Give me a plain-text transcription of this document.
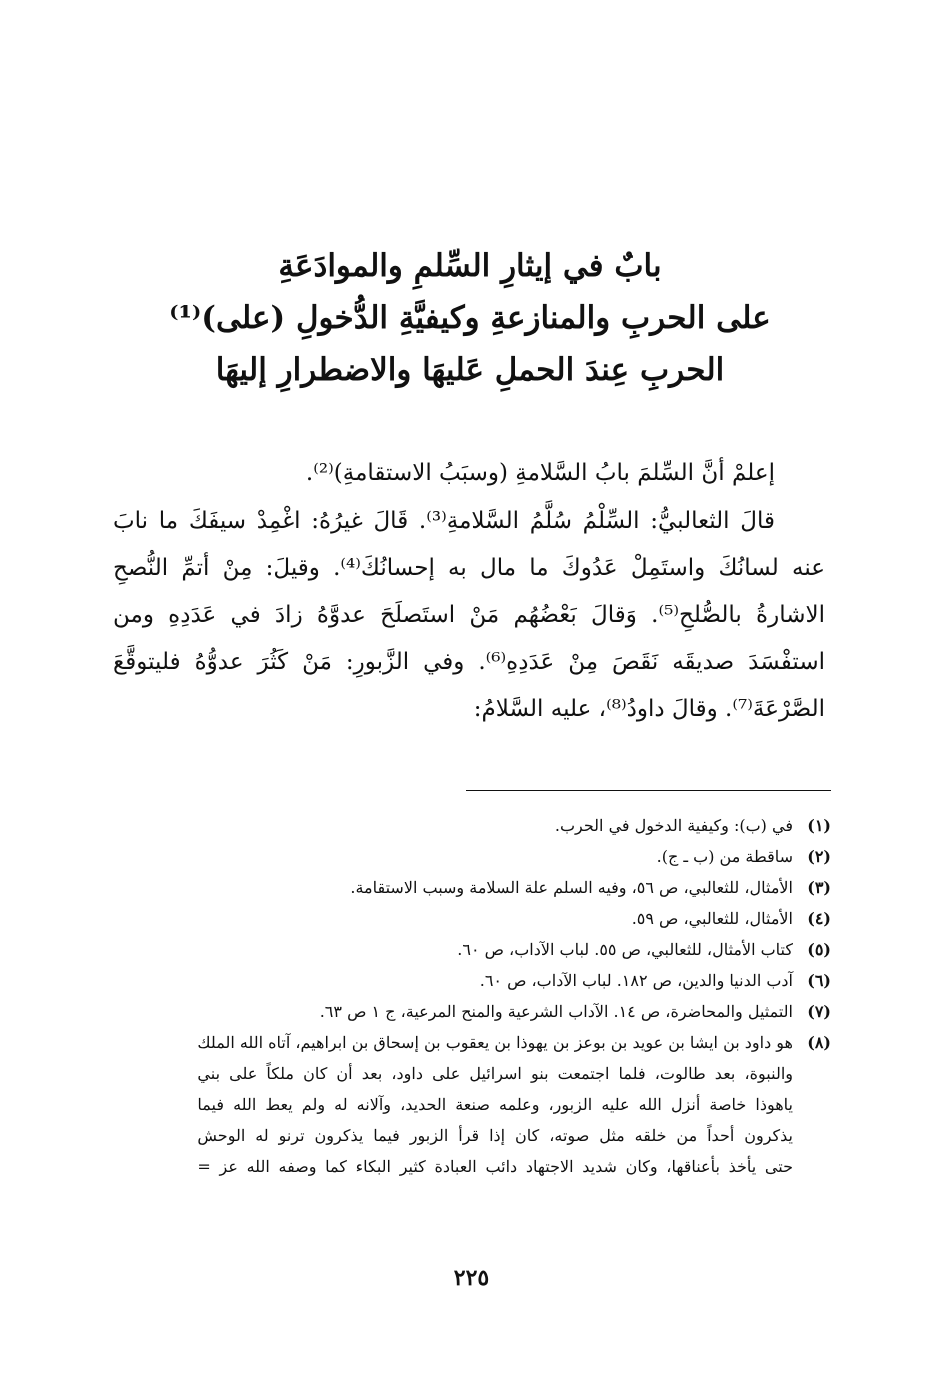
بابٌ في إيثارِ السِّلمِ والموادَعَةِ
على الحربِ والمنازعةِ وكيفيَّةِ الدُّخولِ (على)⁽¹⁾
الحربِ عِندَ الحملِ عَليهَا والاضطرارِ إليهَا

إعلمْ أنَّ السِّلمَ بابُ السَّلامةِ (وسبَبُ الاستقامةِ)⁽²⁾.

قالَ الثعالبيُّ: السِّلْمُ سُلَّمُ السَّلامةِ⁽³⁾. قَالَ غيرُهُ: اغْمِدْ سيفَكَ ما نابَ
عنه لسانُكَ واستَمِلْ عَدُوكَ ما مال به إحسانُكَ⁽⁴⁾. وقيلَ: مِنْ أتمِّ النُّصحِ
الاشارةُ بالصُّلحِ⁽⁵⁾. وَقالَ بَعْضُهُم مَنْ استَصلَحَ عدوَّهُ زادَ في عَدَدِهِ ومن
استفْسَدَ صديقَه نَقَصَ مِنْ عَدَدِهِ⁽⁶⁾. وفي الزَّبورِ: مَنْ كَثُرَ عدوُّهُ فليتوقَّعَ
الصَّرْعَةَ⁽⁷⁾. وقالَ داودُ⁽⁸⁾، عليه السَّلامُ:
(١)
في (ب): وكيفية الدخول في الحرب.
(٢)
ساقطة من (ب ـ ج).
(٣)
الأمثال، للثعالبي، ص ٥٦، وفيه السلم علة السلامة وسبب الاستقامة.
(٤)
الأمثال، للثعالبي، ص ٥٩.
(٥)
كتاب الأمثال، للثعالبي، ص ٥٥. لباب الآداب، ص ٦٠.
(٦)
آدب الدنيا والدين، ص ١٨٢. لباب الآداب، ص ٦٠.
(٧)
التمثيل والمحاضرة، ص ١٤. الآداب الشرعية والمنح المرعية، ج ١ ص ٦٣.
(٨)
هو داود بن ايشا بن عويد بن بوعز بن يهوذا بن يعقوب بن إسحاق بن ابراهيم، آتاه الله الملك
والنبوة، بعد طالوت، فلما اجتمعت بنو اسرائيل على داود، بعد أن كان ملكاً على بني
ياهوذا خاصة أنزل الله عليه الزبور، وعلمه صنعة الحديد، وآلانه له ولم يعط الله فيما
يذكرون أحداً من خلقه مثل صوته، كان إذا قرأ الزبور فيما يذكرون ترنو له الوحش
حتى يأخذ بأعناقها، وكان شديد الاجتهاد دائب العبادة كثير البكاء كما وصفه الله عز =
٢٢٥
